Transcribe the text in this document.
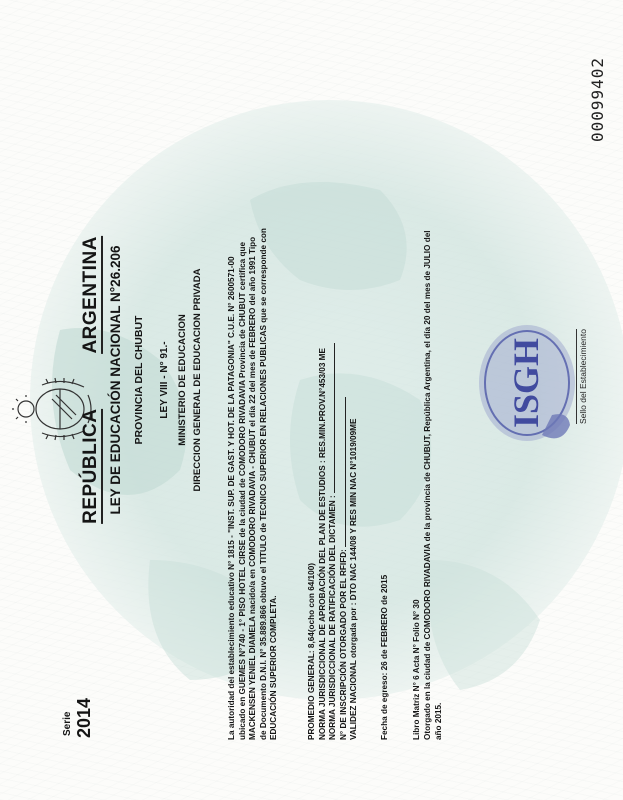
Serie 2014
REPÚBLICAARGENTINA LEY DE EDUCACIÓN NACIONAL N°26.206 PROVINCIA DEL CHUBUT LEY VIII - N° 91.- MINISTERIO DE EDUCACION DIRECCION GENERAL DE EDUCACION PRIVADA	La autoridad del establecimiento educativo N° 1815 - "INST. SUP. DE GAST. Y HOT. DE LA PATAGONIA" C.U.E. N° 2600571-00 ubicado en GUEMES N°740 - 1° PISO HOTEL CIRSE de la ciudad de COMODORO RIVADAVIA Provincia de CHUBUT certifica que MACKENSEN YENIEL DIAMELA nacido/a en COMODORO RIVADAVIA - CHUBUT el día 22 del mes de FEBRERO del año 1991 Tipo de Documento D.N.I. N° 35.889.866 obtuvo el TITULO de TECNICO SUPERIOR EN RELACIONES PUBLICAS que se corresponde con EDUCACIÓN SUPERIOR COMPLETA.	PROMEDIO GENERAL: 8,64(ocho con 64/100) NORMA JURISDICCIONAL DE APROBACIÓN DEL PLAN DE ESTUDIOS : RES.MIN.PROV.N°453/03 ME
NORMA JURISDICCIONAL DE RATIFICACIÓN DEL DICTAMEN : N° DE INSCRIPCIÓN OTORGADO POR EL RFIFD: VALIDEZ NACIONAL otorgada por : DTO NAC 144/08 Y RES MIN NAC N°1019/09ME
Fecha de egreso: 26 de FEBRERO de 2015	Libro Matriz N° 6 Acta N° Folio N° 30 Otorgado en la ciudad de COMODORO RIVADAVIA de la provincia de CHUBUT, República Argentina, el día 20 del mes de JULIO del año 2015.
ISGH	Sello del Establecimiento
00099402
